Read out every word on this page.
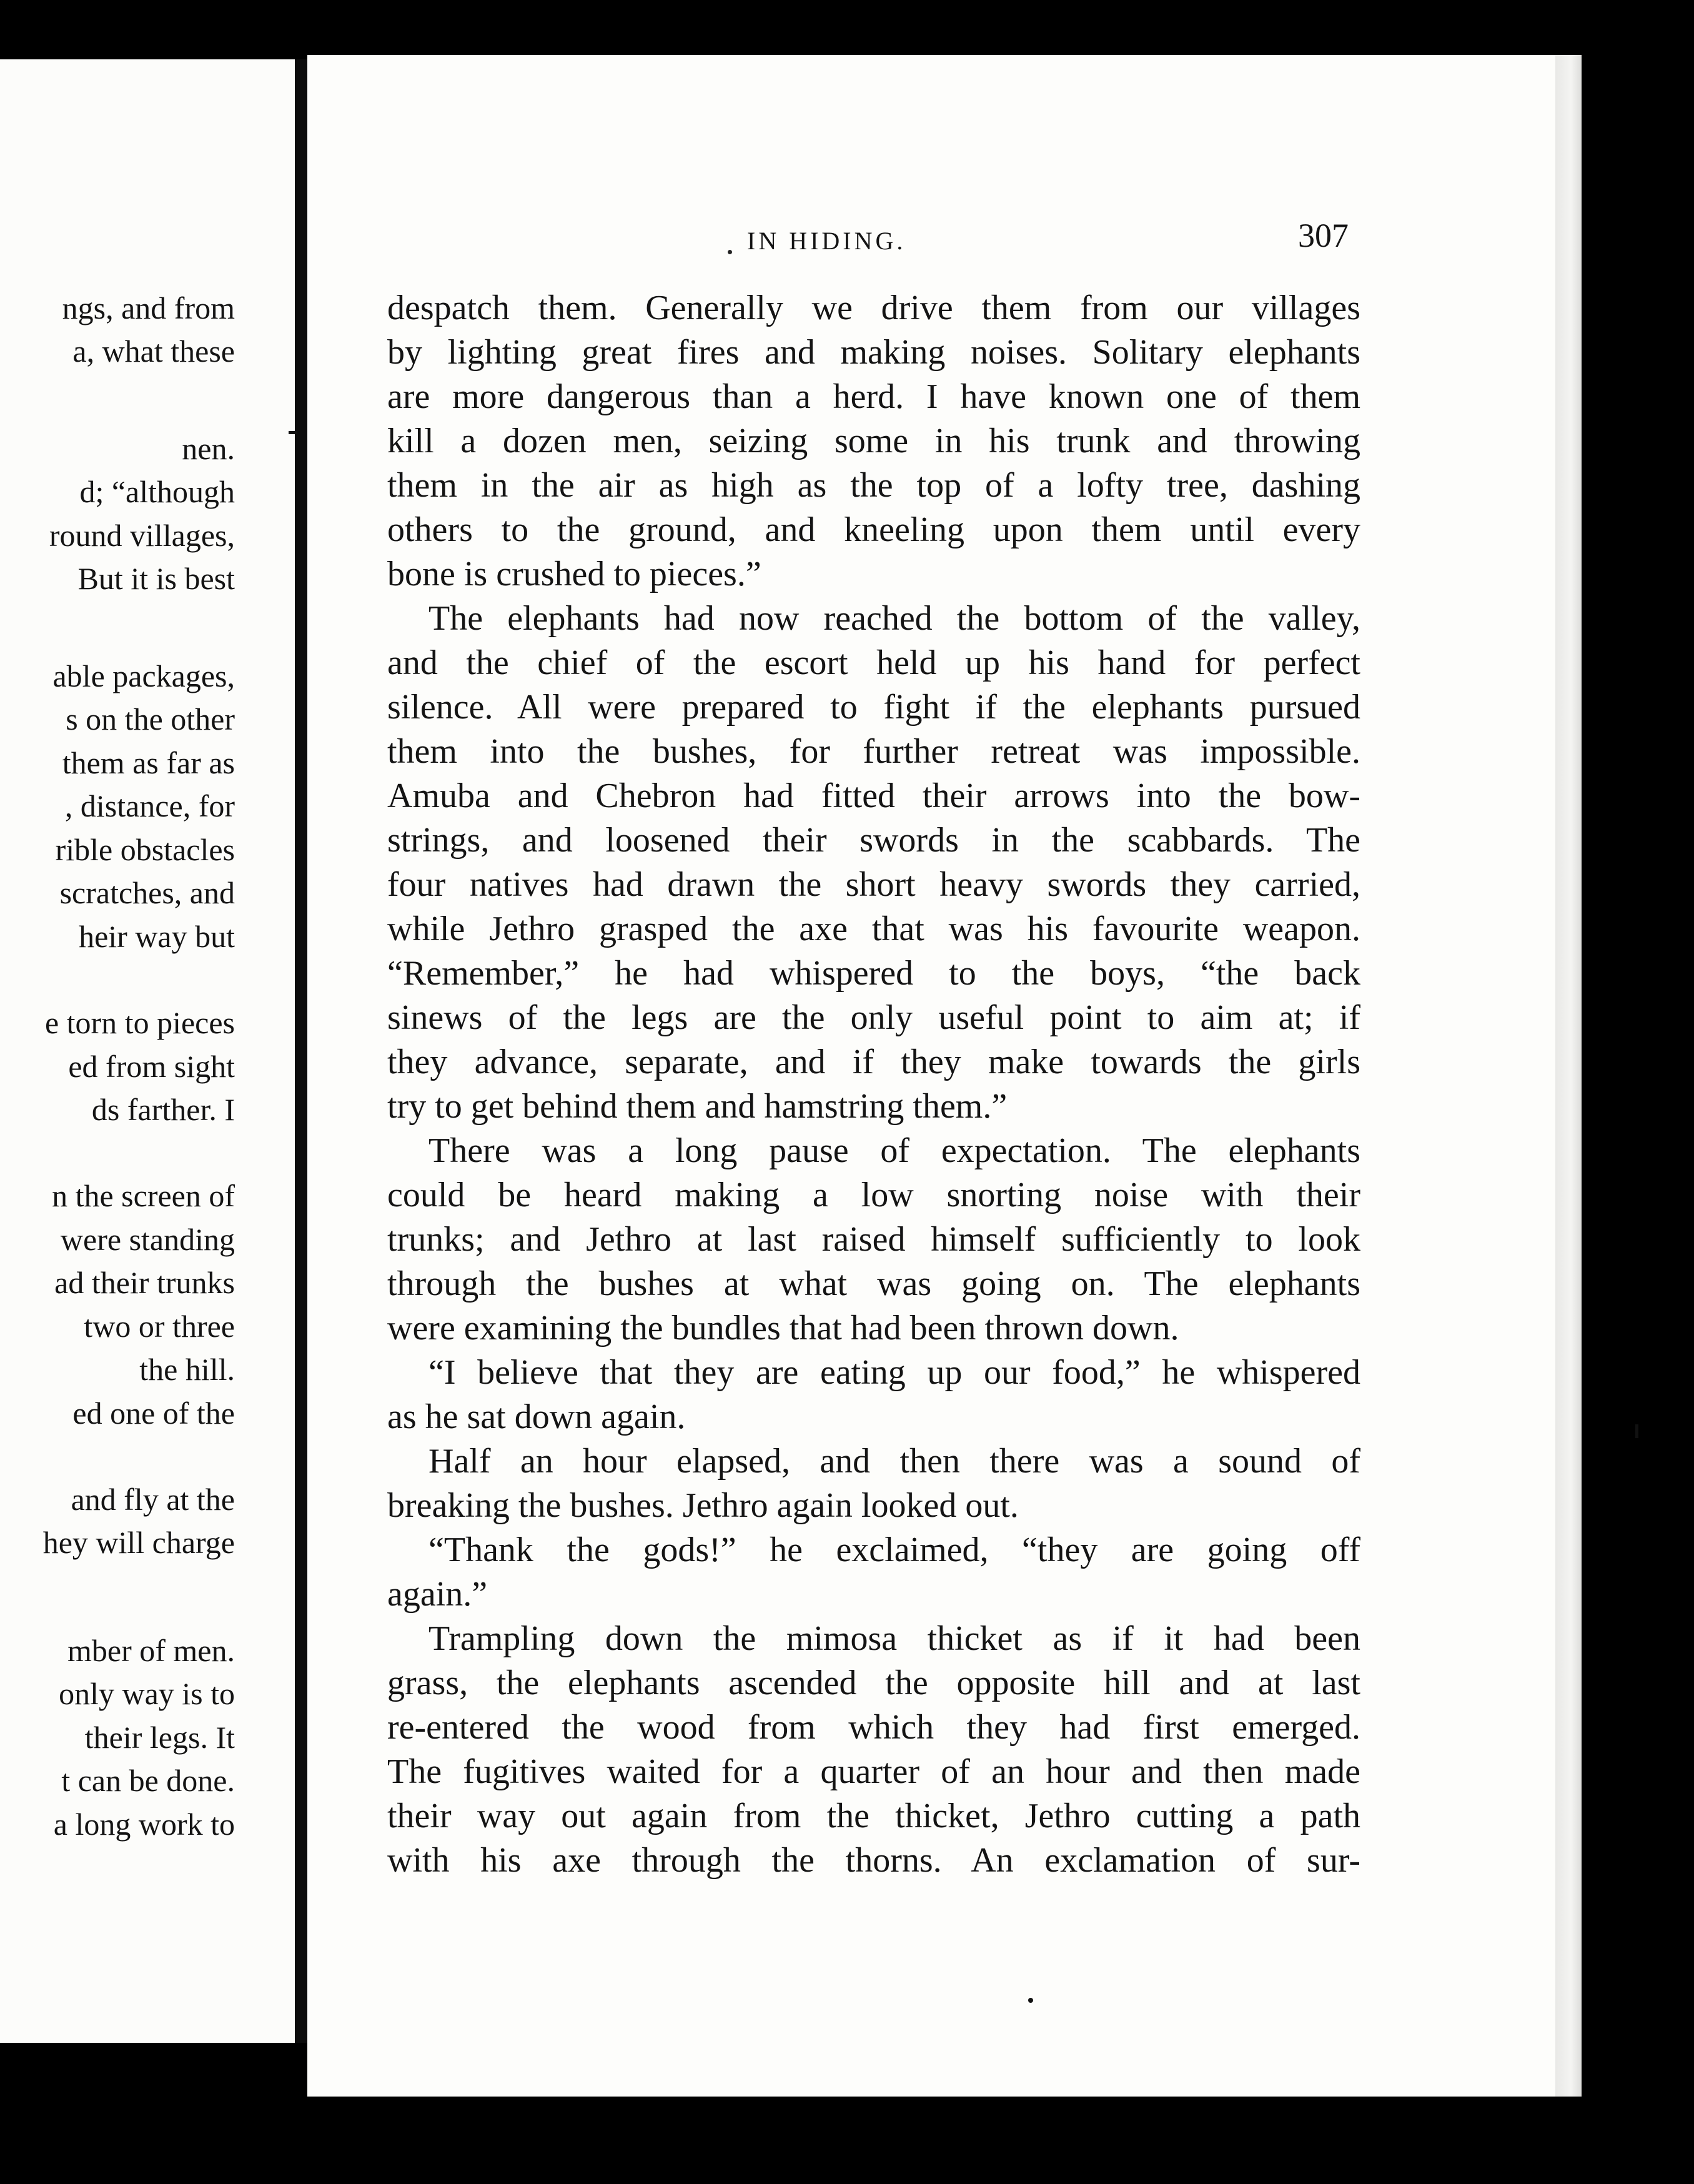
ngs, and from
a, what these
nen.
d; “although
round villages,
But it is best
able packages,
s on the other
them as far as
, distance, for
rible obstacles
scratches, and
heir way but
e torn to pieces
ed from sight
ds farther. I
n the screen of
were standing
ad their trunks
two or three
the hill.
ed one of the
and fly at the
hey will charge
mber of men.
only way is to
their legs. It
t can be done.
a long work to
IN HIDING.	307
despatch them. Generally we drive them from our villages
by lighting great fires and making noises. Solitary elephants
are more dangerous than a herd. I have known one of them
kill a dozen men, seizing some in his trunk and throwing
them in the air as high as the top of a lofty tree, dashing
others to the ground, and kneeling upon them until every
bone is crushed to pieces.”
The elephants had now reached the bottom of the valley,
and the chief of the escort held up his hand for perfect
silence. All were prepared to fight if the elephants pursued
them into the bushes, for further retreat was impossible.
Amuba and Chebron had fitted their arrows into the bow-
strings, and loosened their swords in the scabbards. The
four natives had drawn the short heavy swords they carried,
while Jethro grasped the axe that was his favourite weapon.
“Remember,” he had whispered to the boys, “the back
sinews of the legs are the only useful point to aim at; if
they advance, separate, and if they make towards the girls
try to get behind them and hamstring them.”
There was a long pause of expectation. The elephants
could be heard making a low snorting noise with their
trunks; and Jethro at last raised himself sufficiently to look
through the bushes at what was going on. The elephants
were examining the bundles that had been thrown down.
“I believe that they are eating up our food,” he whispered
as he sat down again.
Half an hour elapsed, and then there was a sound of
breaking the bushes. Jethro again looked out.
“Thank the gods!” he exclaimed, “they are going off
again.”
Trampling down the mimosa thicket as if it had been
grass, the elephants ascended the opposite hill and at last
re-entered the wood from which they had first emerged.
The fugitives waited for a quarter of an hour and then made
their way out again from the thicket, Jethro cutting a path
with his axe through the thorns. An exclamation of sur-
